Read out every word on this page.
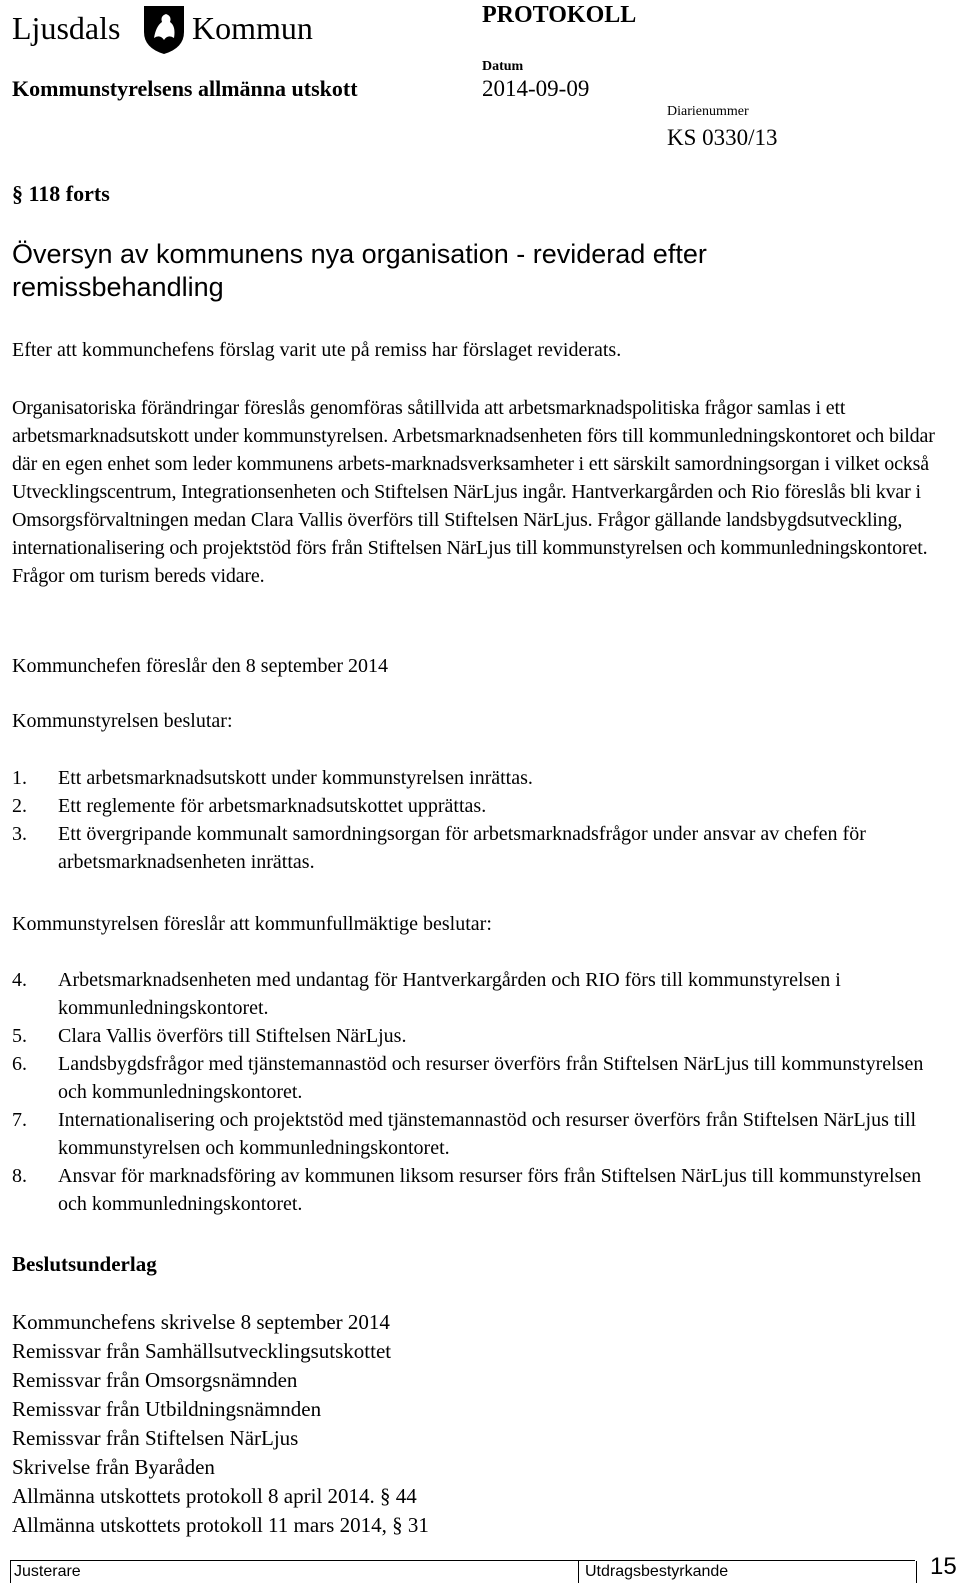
Ljusdals Kommun	PROTOKOLL
Kommunstyrelsens allmänna utskott
Datum
2014-09-09
Diarienummer
KS 0330/13
§ 118 forts
Översyn av kommunens nya organisation - reviderad efter remissbehandling
Efter att kommunchefens förslag varit ute på remiss har förslaget reviderats.
Organisatoriska förändringar föreslås genomföras såtillvida att arbetsmarknadspolitiska frågor samlas i ett arbetsmarknadsutskott under kommunstyrelsen. Arbetsmarknadsenheten förs till kommunledningskontoret och bildar där en egen enhet som leder kommunens arbets-marknadsverksamheter i ett särskilt samordningsorgan i vilket också Utvecklingscentrum, Integrationsenheten och Stiftelsen NärLjus ingår. Hantverkargården och Rio föreslås bli kvar i Omsorgsförvaltningen medan Clara Vallis överförs till Stiftelsen NärLjus. Frågor gällande landsbygdsutveckling, internationalisering och projektstöd förs från Stiftelsen NärLjus till kommunstyrelsen och kommunledningskontoret. Frågor om turism bereds vidare.
Kommunchefen föreslår den 8 september 2014
Kommunstyrelsen beslutar:
1. Ett arbetsmarknadsutskott under kommunstyrelsen inrättas.
2. Ett reglemente för arbetsmarknadsutskottet upprättas.
3. Ett övergripande kommunalt samordningsorgan för arbetsmarknadsfrågor under ansvar av chefen för arbetsmarknadsenheten inrättas.
Kommunstyrelsen föreslår att kommunfullmäktige beslutar:
4. Arbetsmarknadsenheten med undantag för Hantverkargården och RIO förs till kommunstyrelsen i kommunledningskontoret.
5. Clara Vallis överförs till Stiftelsen NärLjus.
6. Landsbygdsfrågor med tjänstemannastöd och resurser överförs från Stiftelsen NärLjus till kommunstyrelsen och kommunledningskontoret.
7. Internationalisering och projektstöd med tjänstemannastöd och resurser överförs från Stiftelsen NärLjus till kommunstyrelsen och kommunledningskontoret.
8. Ansvar för marknadsföring av kommunen liksom resurser förs från Stiftelsen NärLjus till kommunstyrelsen och kommunledningskontoret.
Beslutsunderlag
Kommunchefens skrivelse 8 september 2014
Remissvar från Samhällsutvecklingsutskottet
Remissvar från Omsorgsnämnden
Remissvar från Utbildningsnämnden
Remissvar från Stiftelsen NärLjus
Skrivelse från Byaråden
Allmänna utskottets protokoll 8 april 2014. § 44
Allmänna utskottets protokoll 11 mars 2014, § 31
Justerare	Utdragsbestyrkande	15
